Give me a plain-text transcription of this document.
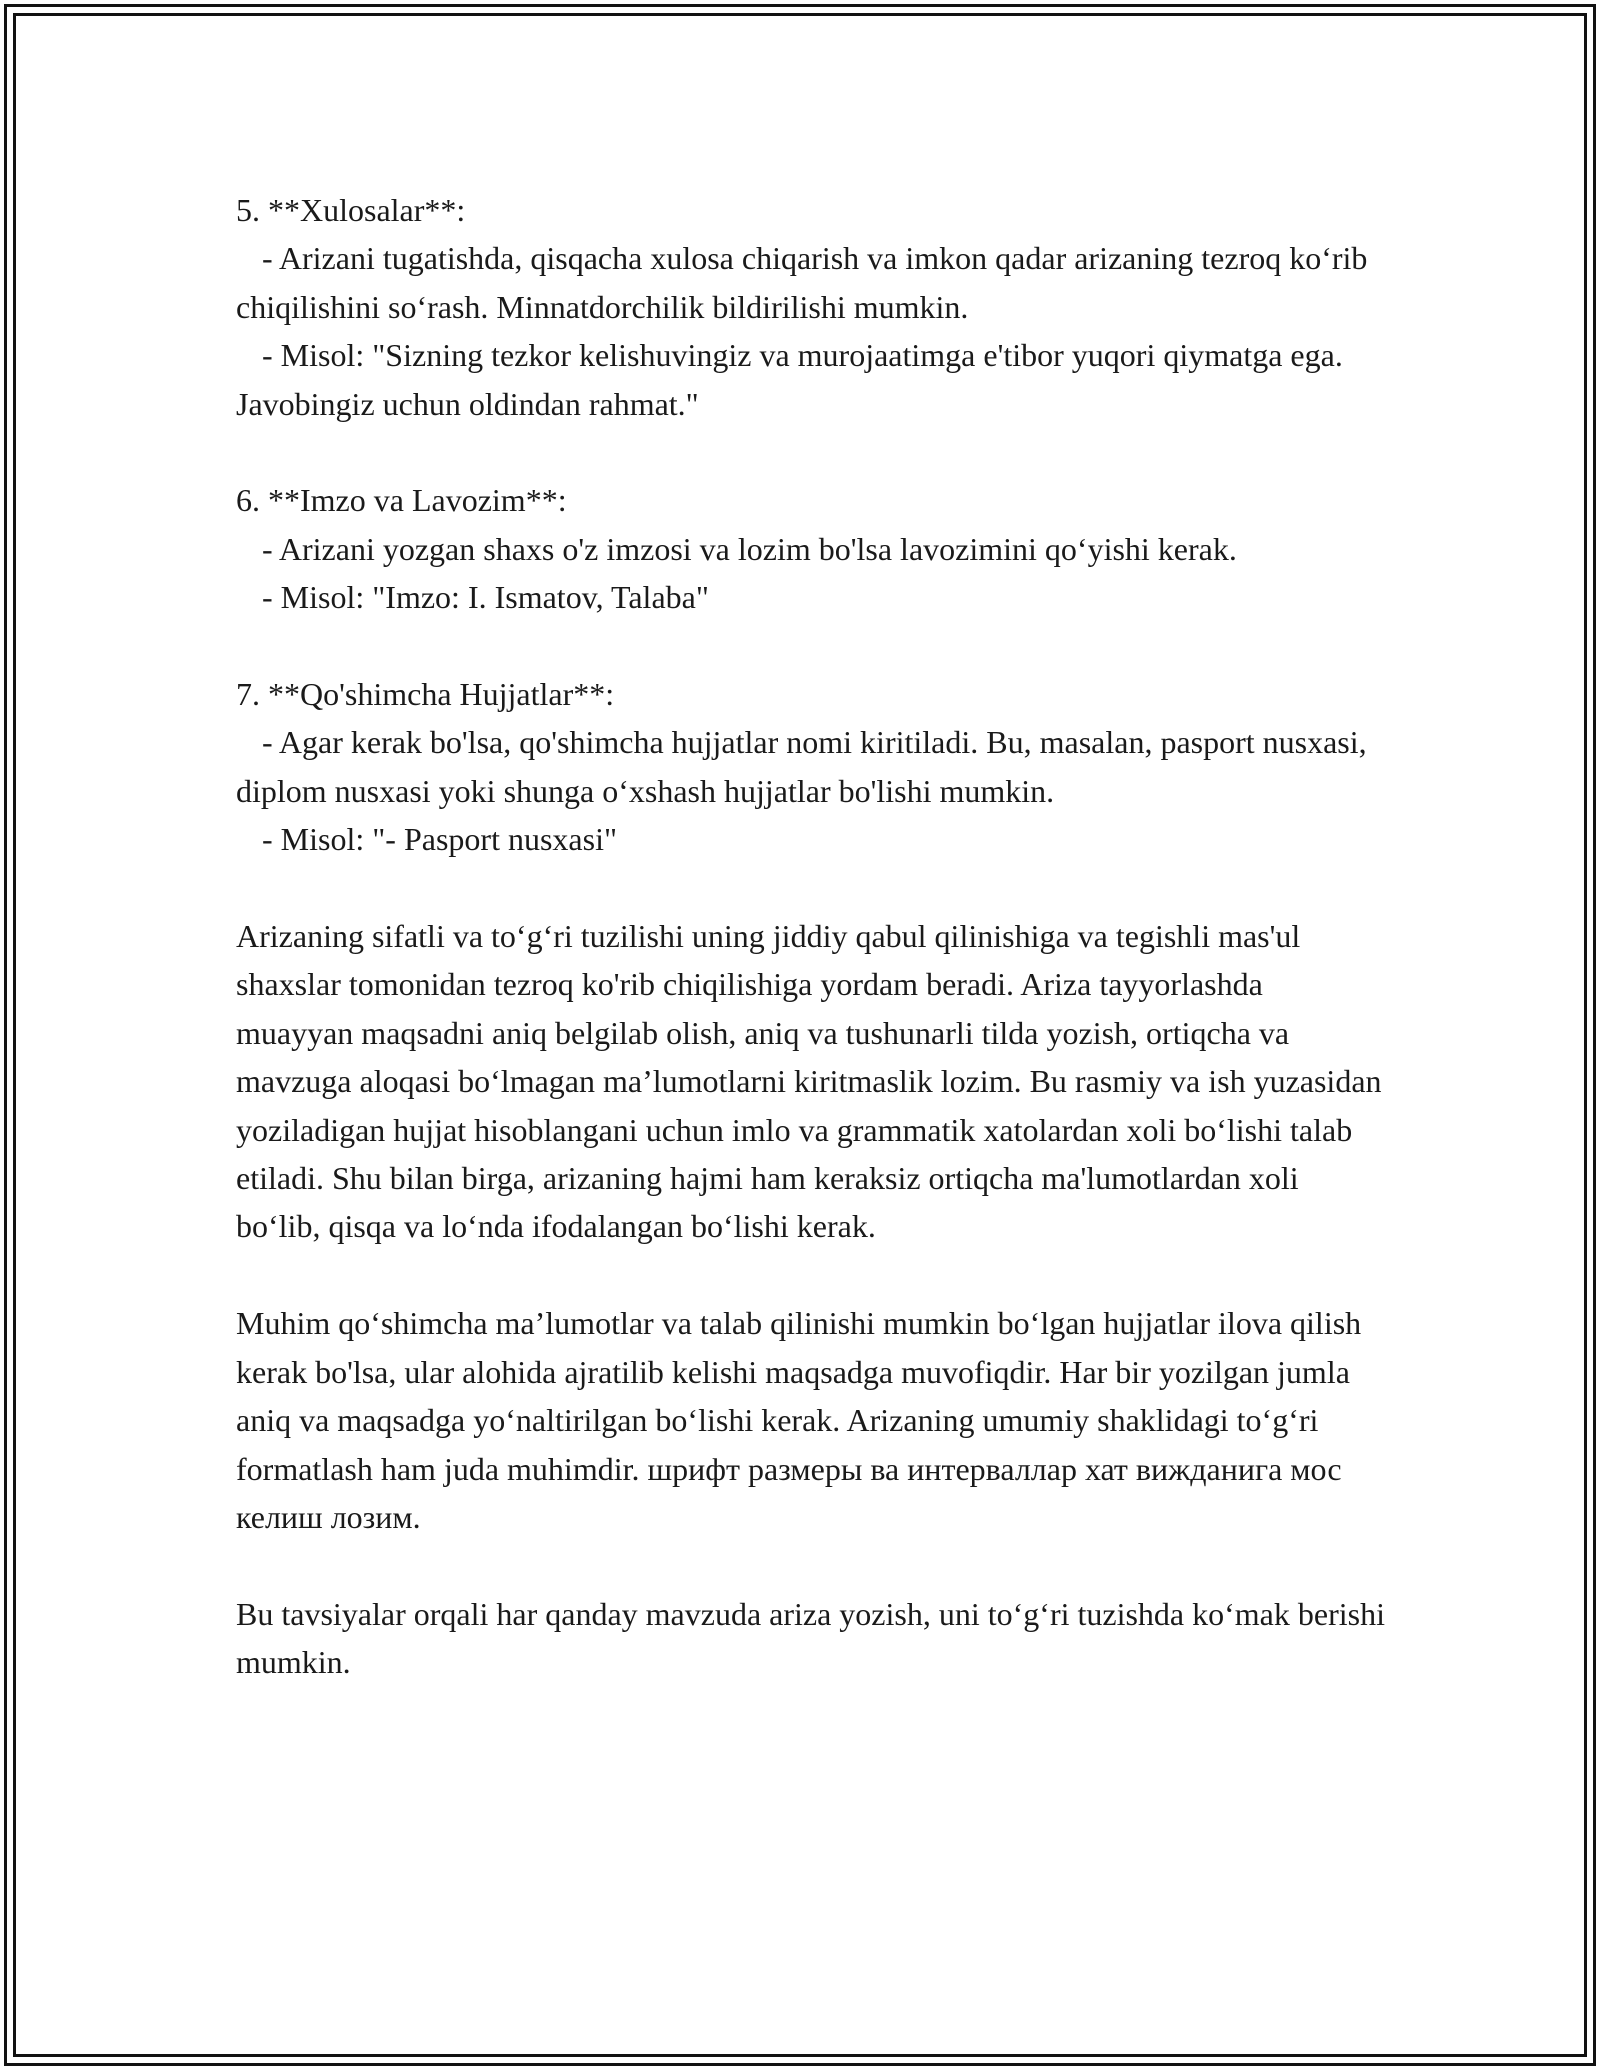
5. **Xulosalar**:

- Arizani tugatishda, qisqacha xulosa chiqarish va imkon qadar arizaning tezroq koʻrib chiqilishini soʻrash. Minnatdorchilik bildirilishi mumkin.

- Misol: "Sizning tezkor kelishuvingiz va murojaatimga e'tibor yuqori qiymatga ega. Javobingiz uchun oldindan rahmat."

6. **Imzo va Lavozim**:

- Arizani yozgan shaxs o'z imzosi va lozim bo'lsa lavozimini qoʻyishi kerak.

- Misol: "Imzo: I. Ismatov, Talaba"

7. **Qo'shimcha Hujjatlar**:

- Agar kerak bo'lsa, qo'shimcha hujjatlar nomi kiritiladi. Bu, masalan, pasport nusxasi, diplom nusxasi yoki shunga oʻxshash hujjatlar bo'lishi mumkin.

- Misol: "- Pasport nusxasi"

Arizaning sifatli va toʻgʻri tuzilishi uning jiddiy qabul qilinishiga va tegishli mas'ul shaxslar tomonidan tezroq ko'rib chiqilishiga yordam beradi. Ariza tayyorlashda muayyan maqsadni aniq belgilab olish, aniq va tushunarli tilda yozish, ortiqcha va mavzuga aloqasi boʻlmagan maʼlumotlarni kiritmaslik lozim. Bu rasmiy va ish yuzasidan yoziladigan hujjat hisoblangani uchun imlo va grammatik xatolardan xoli boʻlishi talab etiladi. Shu bilan birga, arizaning hajmi ham keraksiz ortiqcha ma'lumotlardan xoli boʻlib, qisqa va loʻnda ifodalangan boʻlishi kerak.

Muhim qoʻshimcha maʼlumotlar va talab qilinishi mumkin boʻlgan hujjatlar ilova qilish kerak bo'lsa, ular alohida ajratilib kelishi maqsadga muvofiqdir. Har bir yozilgan jumla aniq va maqsadga yoʻnaltirilgan boʻlishi kerak. Arizaning umumiy shaklidagi toʻgʻri formatlash ham juda muhimdir. шрифт размеры ва интерваллар хат вижданига мос келиш лозим.

Bu tavsiyalar orqali har qanday mavzuda ariza yozish, uni toʻgʻri tuzishda koʻmak berishi mumkin.
